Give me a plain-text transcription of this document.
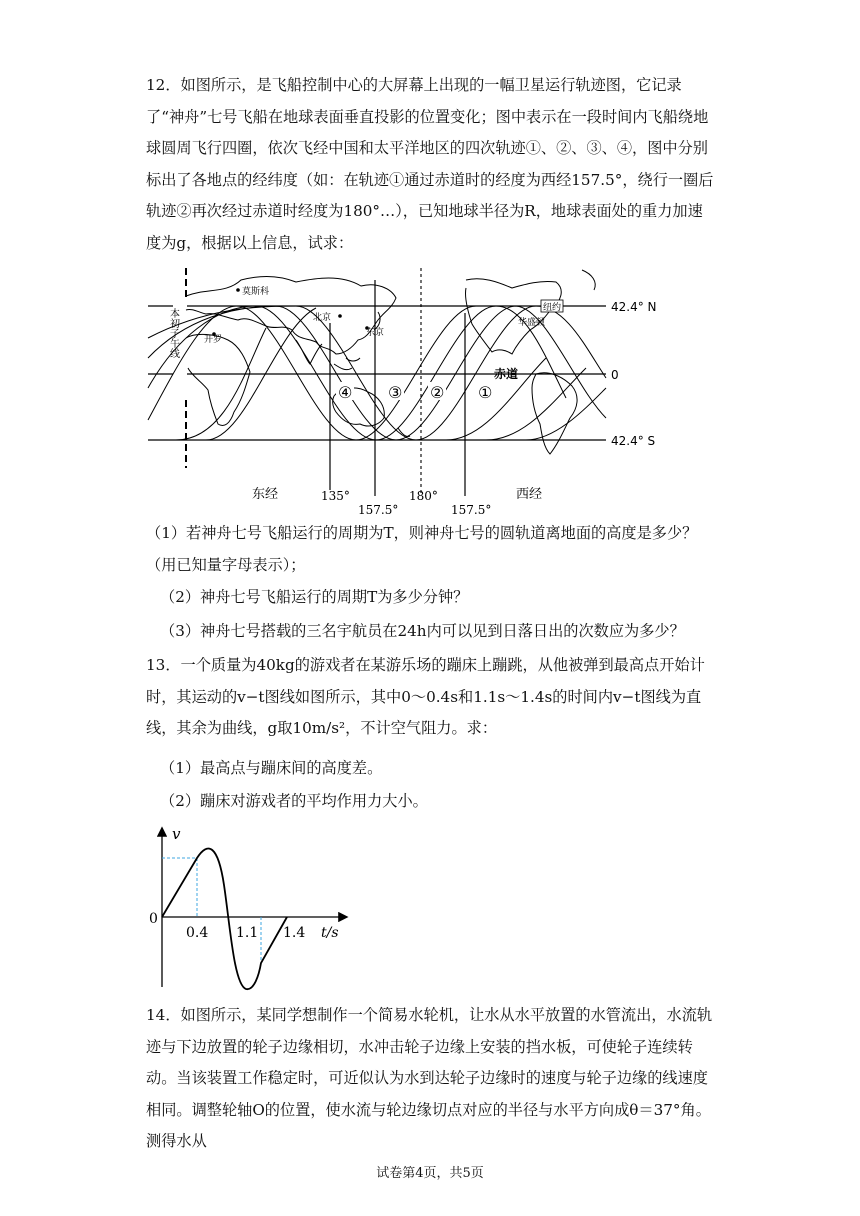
12．如图所示，是飞船控制中心的大屏幕上出现的一幅卫星运行轨迹图，它记录了“神舟”七号飞船在地球表面垂直投影的位置变化；图中表示在一段时间内飞船绕地球圆周飞行四圈，依次飞经中国和太平洋地区的四次轨迹①、②、③、④，图中分别标出了各地点的经纬度（如：在轨迹①通过赤道时的经度为西经157.5°，绕行一圈后轨迹②再次经过赤道时经度为180°…），已知地球半径为R，地球表面处的重力加速度为g，根据以上信息，试求：

42.4° N
0
42.4° S
本初子午线
莫斯科
北京
东京
开罗
纽约
华盛顿
赤道
①
②
③
④
东经	西经
135°
157.5°
180°
157.5°

（1）若神舟七号飞船运行的周期为T，则神舟七号的圆轨道离地面的高度是多少？（用已知量字母表示）；

（2）神舟七号飞船运行的周期T为多少分钟？

（3）神舟七号搭载的三名宇航员在24h内可以见到日落日出的次数应为多少？

13．一个质量为40kg的游戏者在某游乐场的蹦床上蹦跳，从他被弹到最高点开始计时，其运动的v−t图线如图所示，其中0～0.4s和1.1s～1.4s的时间内v−t图线为直线，其余为曲线，g取10m/s²，不计空气阻力。求：

（1）最高点与蹦床间的高度差。

（2）蹦床对游戏者的平均作用力大小。

v
0
0.4 1.1 1.4 t/s

14．如图所示，某同学想制作一个简易水轮机，让水从水平放置的水管流出，水流轨迹与下边放置的轮子边缘相切，水冲击轮子边缘上安装的挡水板，可使轮子连续转动。当该装置工作稳定时，可近似认为水到达轮子边缘时的速度与轮子边缘的线速度相同。调整轮轴O的位置，使水流与轮边缘切点对应的半径与水平方向成θ＝37°角。测得水从

试卷第4页，共5页
